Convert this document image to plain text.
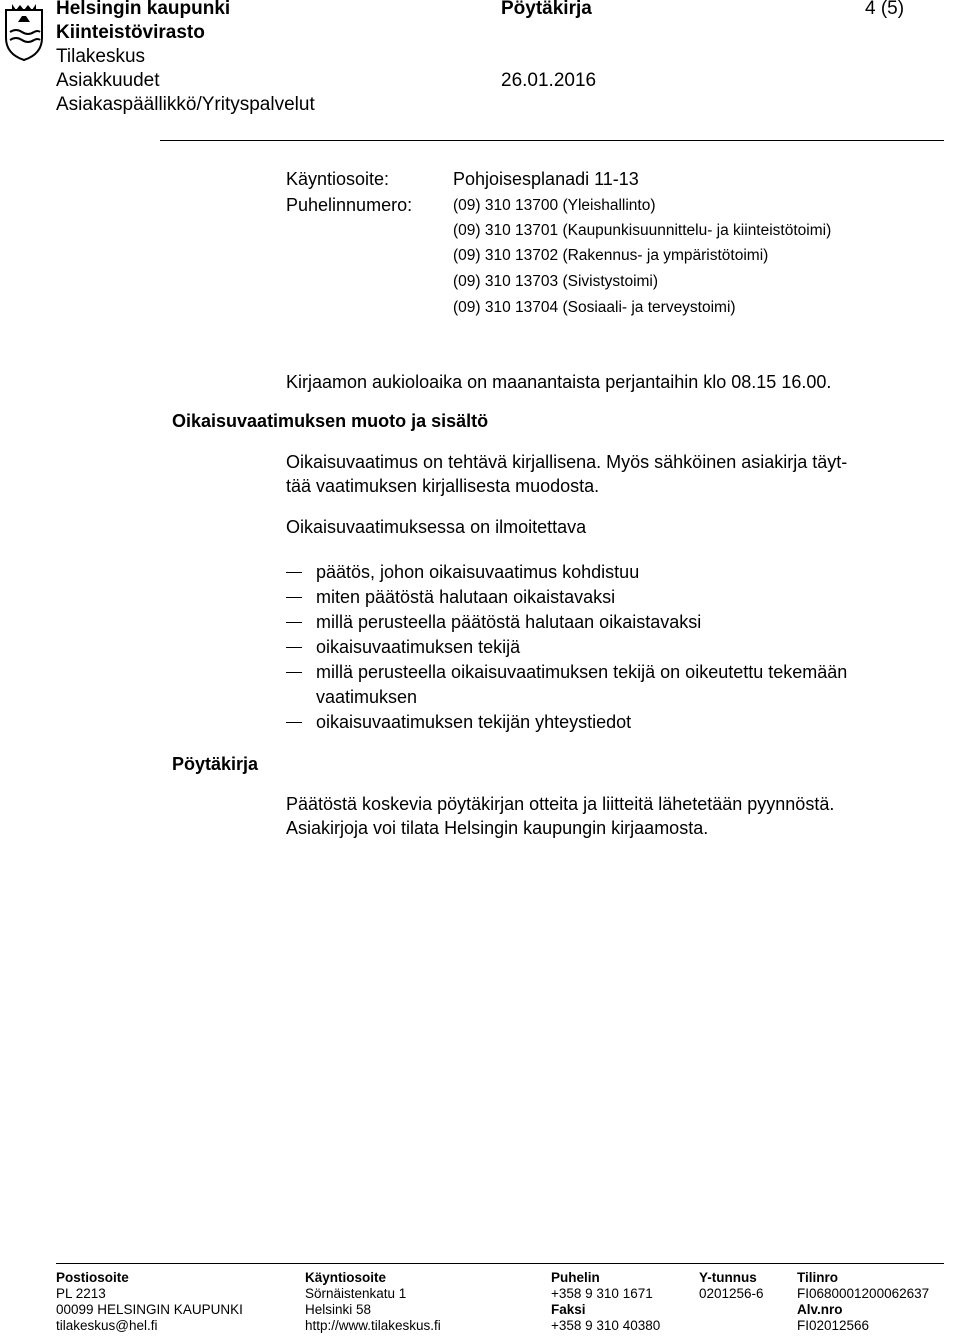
Helsingin kaupunki
Kiinteistövirasto
Tilakeskus
Asiakkuudet
Asiakaspäällikkö/Yrityspalvelut
Pöytäkirja
26.01.2016
4 (5)
Käyntiosoite:	Pohjoisesplanadi 11-13
Puhelinnumero:	(09) 310 13700 (Yleishallinto)
(09) 310 13701 (Kaupunkisuunnittelu- ja kiinteistötoimi)
(09) 310 13702 (Rakennus- ja ympäristötoimi)
(09) 310 13703 (Sivistystoimi)
(09) 310 13704 (Sosiaali- ja terveystoimi)
Kirjaamon aukioloaika on maanantaista perjantaihin klo 08.15 16.00.
Oikaisuvaatimuksen muoto ja sisältö
Oikaisuvaatimus on tehtävä kirjallisena. Myös sähköinen asiakirja täyt-
tää vaatimuksen kirjallisesta muodosta.
Oikaisuvaatimuksessa on ilmoitettava
päätös, johon oikaisuvaatimus kohdistuu
miten päätöstä halutaan oikaistavaksi
millä perusteella päätöstä halutaan oikaistavaksi
oikaisuvaatimuksen tekijä
millä perusteella oikaisuvaatimuksen tekijä on oikeutettu tekemään
vaatimuksen
oikaisuvaatimuksen tekijän yhteystiedot
Pöytäkirja
Päätöstä koskevia pöytäkirjan otteita ja liitteitä lähetetään pyynnöstä.
Asiakirjoja voi tilata Helsingin kaupungin kirjaamosta.
Postiosoite
PL 2213
00099 HELSINGIN KAUPUNKI
tilakeskus@hel.fi
Käyntiosoite
Sörnäistenkatu 1
Helsinki 58
http://www.tilakeskus.fi
Puhelin
+358 9 310 1671
Faksi
+358 9 310 40380
Y-tunnus
0201256-6
Tilinro
FI0680001200062637
Alv.nro
FI02012566
